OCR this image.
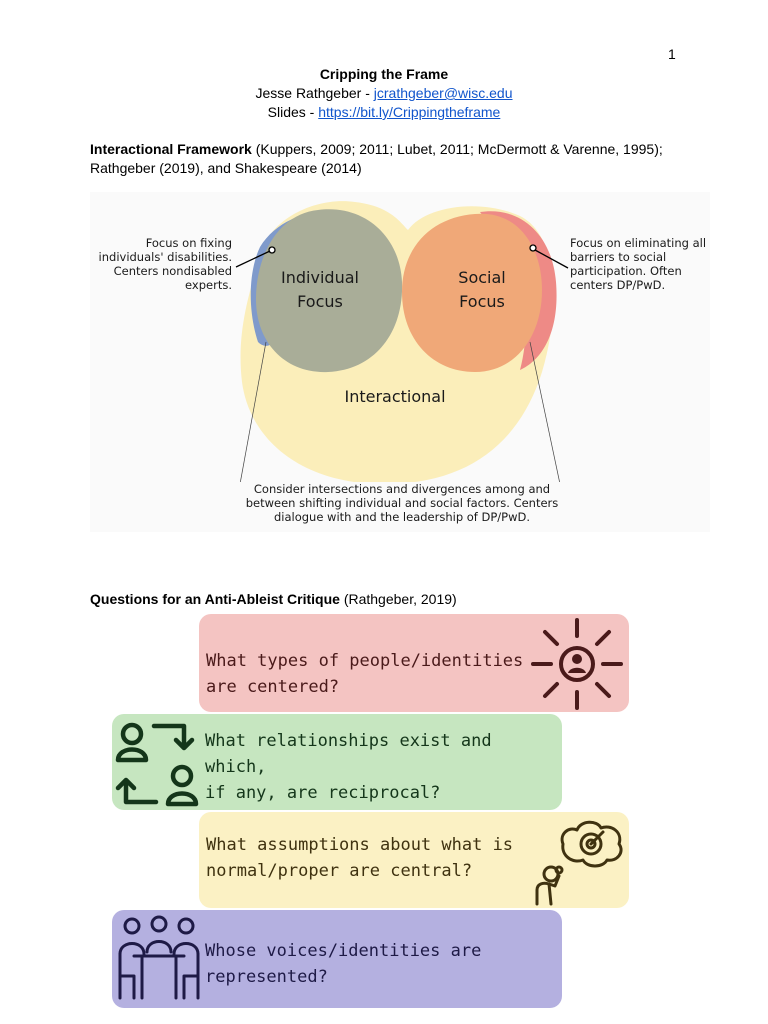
1
Cripping the Frame
Jesse Rathgeber - jcrathgeber@wisc.edu
Slides - https://bit.ly/Crippingtheframe
Interactional Framework (Kuppers, 2009; 2011; Lubet, 2011; McDermott & Varenne, 1995); Rathgeber (2019), and Shakespeare (2014)
Focus on fixing individuals' disabilities. Centers nondisabled experts.
Focus on eliminating all barriers to social participation. Often centers DP/PwD.
Individual
Focus
Social
Focus
Interactional
Consider intersections and divergences among and between shifting individual and social factors. Centers dialogue with and the leadership of DP/PwD.
Questions for an Anti-Ableist Critique (Rathgeber, 2019)
What types of people/identities
are centered?
What relationships exist and which,
if any, are reciprocal?
What assumptions about what is
normal/proper are central?
Whose voices/identities are
represented?
